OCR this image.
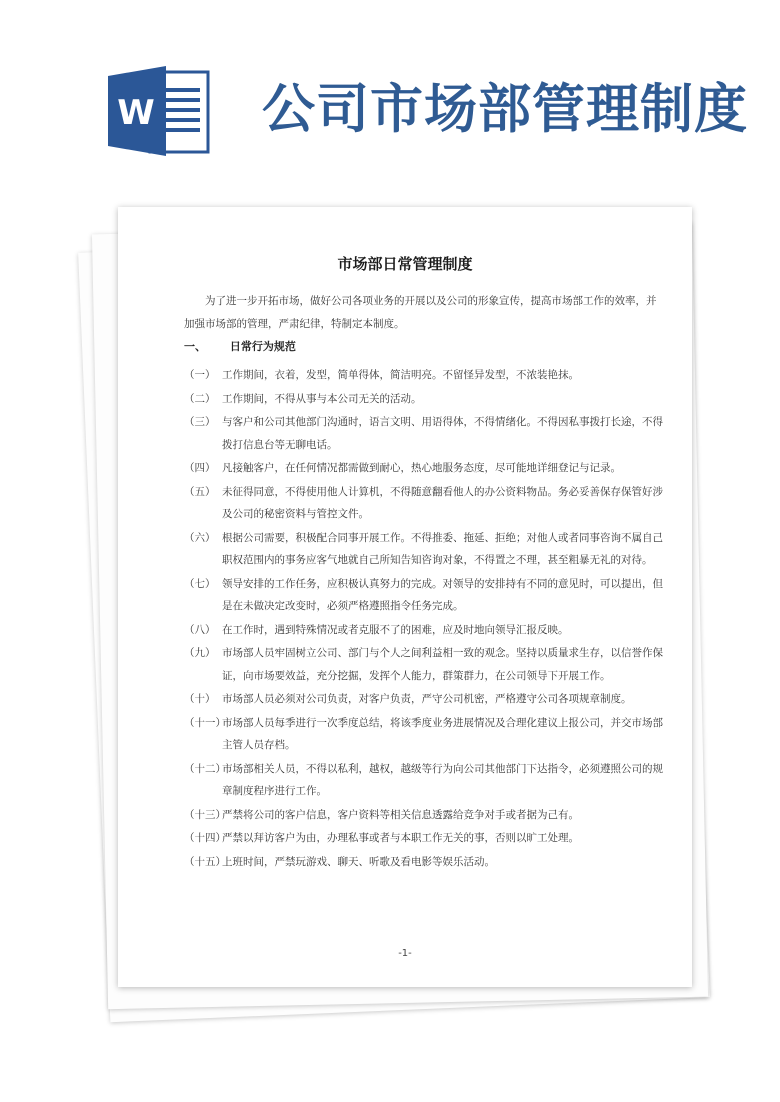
W 公司市场部管理制度
市场部日常管理制度
为了进一步开拓市场，做好公司各项业务的开展以及公司的形象宣传，提高市场部工作的效率，并加强市场部的管理，严肃纪律，特制定本制度。
一、 日常行为规范
（一） 工作期间，衣着，发型，简单得体，简洁明亮。不留怪异发型，不浓装艳抹。
（二） 工作期间，不得从事与本公司无关的活动。
（三） 与客户和公司其他部门沟通时，语言文明、用语得体，不得情绪化。不得因私事拨打长途，不得拨打信息台等无聊电话。
（四） 凡接触客户，在任何情况都需做到耐心，热心地服务态度，尽可能地详细登记与记录。
（五） 未征得同意，不得使用他人计算机，不得随意翻看他人的办公资料物品。务必妥善保存保管好涉及公司的秘密资料与管控文件。
（六） 根据公司需要，积极配合同事开展工作。不得推委、拖延、拒绝；对他人或者同事咨询不属自己职权范围内的事务应客气地就自己所知告知咨询对象，不得置之不理，甚至粗暴无礼的对待。
（七） 领导安排的工作任务，应积极认真努力的完成。对领导的安排持有不同的意见时，可以提出，但是在未做决定改变时，必须严格遵照指令任务完成。
（八） 在工作时，遇到特殊情况或者克服不了的困难，应及时地向领导汇报反映。
（九） 市场部人员牢固树立公司、部门与个人之间利益相一致的观念。坚持以质量求生存，以信誉作保证，向市场要效益，充分挖掘，发挥个人能力，群策群力，在公司领导下开展工作。
（十） 市场部人员必须对公司负责，对客户负责，严守公司机密，严格遵守公司各项规章制度。
（十一）
市场部人员每季进行一次季度总结，将该季度业务进展情况及合理化建议上报公司，并交市场部主管人员存档。
（十二）
市场部相关人员，不得以私利，越权，越级等行为向公司其他部门下达指令，必须遵照公司的规章制度程序进行工作。
（十三）
严禁将公司的客户信息，客户资料等相关信息透露给竞争对手或者据为己有。
（十四）
严禁以拜访客户为由，办理私事或者与本职工作无关的事，否则以旷工处理。
（十五）
上班时间，严禁玩游戏、聊天、听歌及看电影等娱乐活动。
-1-
